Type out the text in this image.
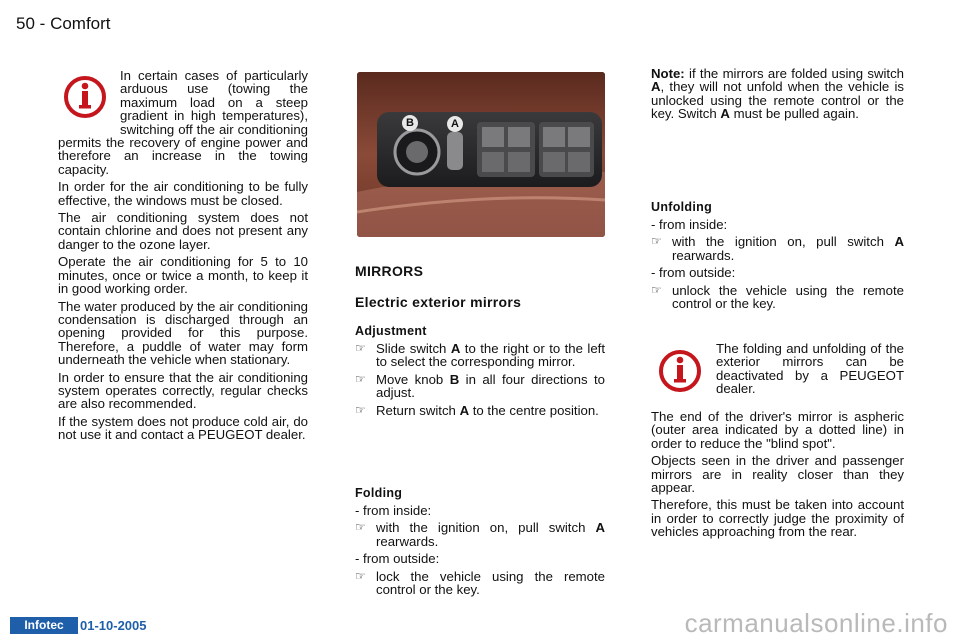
50 - Comfort

In certain cases of particularly arduous use (towing the maximum load on a steep gradient in high temperatures), switching off the air conditioning permits the recovery of engine power and therefore an increase in the towing capacity.

In order for the air conditioning to be fully effective, the windows must be closed.

The air conditioning system does not contain chlorine and does not present any danger to the ozone layer.

Operate the air conditioning for 5 to 10 minutes, once or twice a month, to keep it in good working order.

The water produced by the air conditioning condensation is discharged through an opening provided for this purpose. Therefore, a puddle of water may form underneath the vehicle when stationary.

In order to ensure that the air conditioning system operates correctly, regular checks are also recommended.

If the system does not produce cold air, do not use it and contact a PEUGEOT dealer.

B	A
MIRRORS
Electric exterior mirrors
Adjustment

☞ Slide switch A to the right or to the left to select the corresponding mirror.

☞ Move knob B in all four directions to adjust.

☞ Return switch A to the centre position.

Folding

- from inside:

☞ with the ignition on, pull switch A rearwards.

- from outside:

☞ lock the vehicle using the remote control or the key.

Note: if the mirrors are folded using switch A, they will not unfold when the vehicle is unlocked using the remote control or the key. Switch A must be pulled again.

Unfolding

- from inside:

☞ with the ignition on, pull switch A rearwards.

- from outside:

☞ unlock the vehicle using the remote control or the key.

The folding and unfolding of the exterior mirrors can be deactivated by a PEUGEOT dealer.

The end of the driver's mirror is aspheric (outer area indicated by a dotted line) in order to reduce the "blind spot".

Objects seen in the driver and passenger mirrors are in reality closer than they appear.

Therefore, this must be taken into account in order to correctly judge the proximity of vehicles approaching from the rear.

Infotec	01-10-2005	carmanualsonline.info
